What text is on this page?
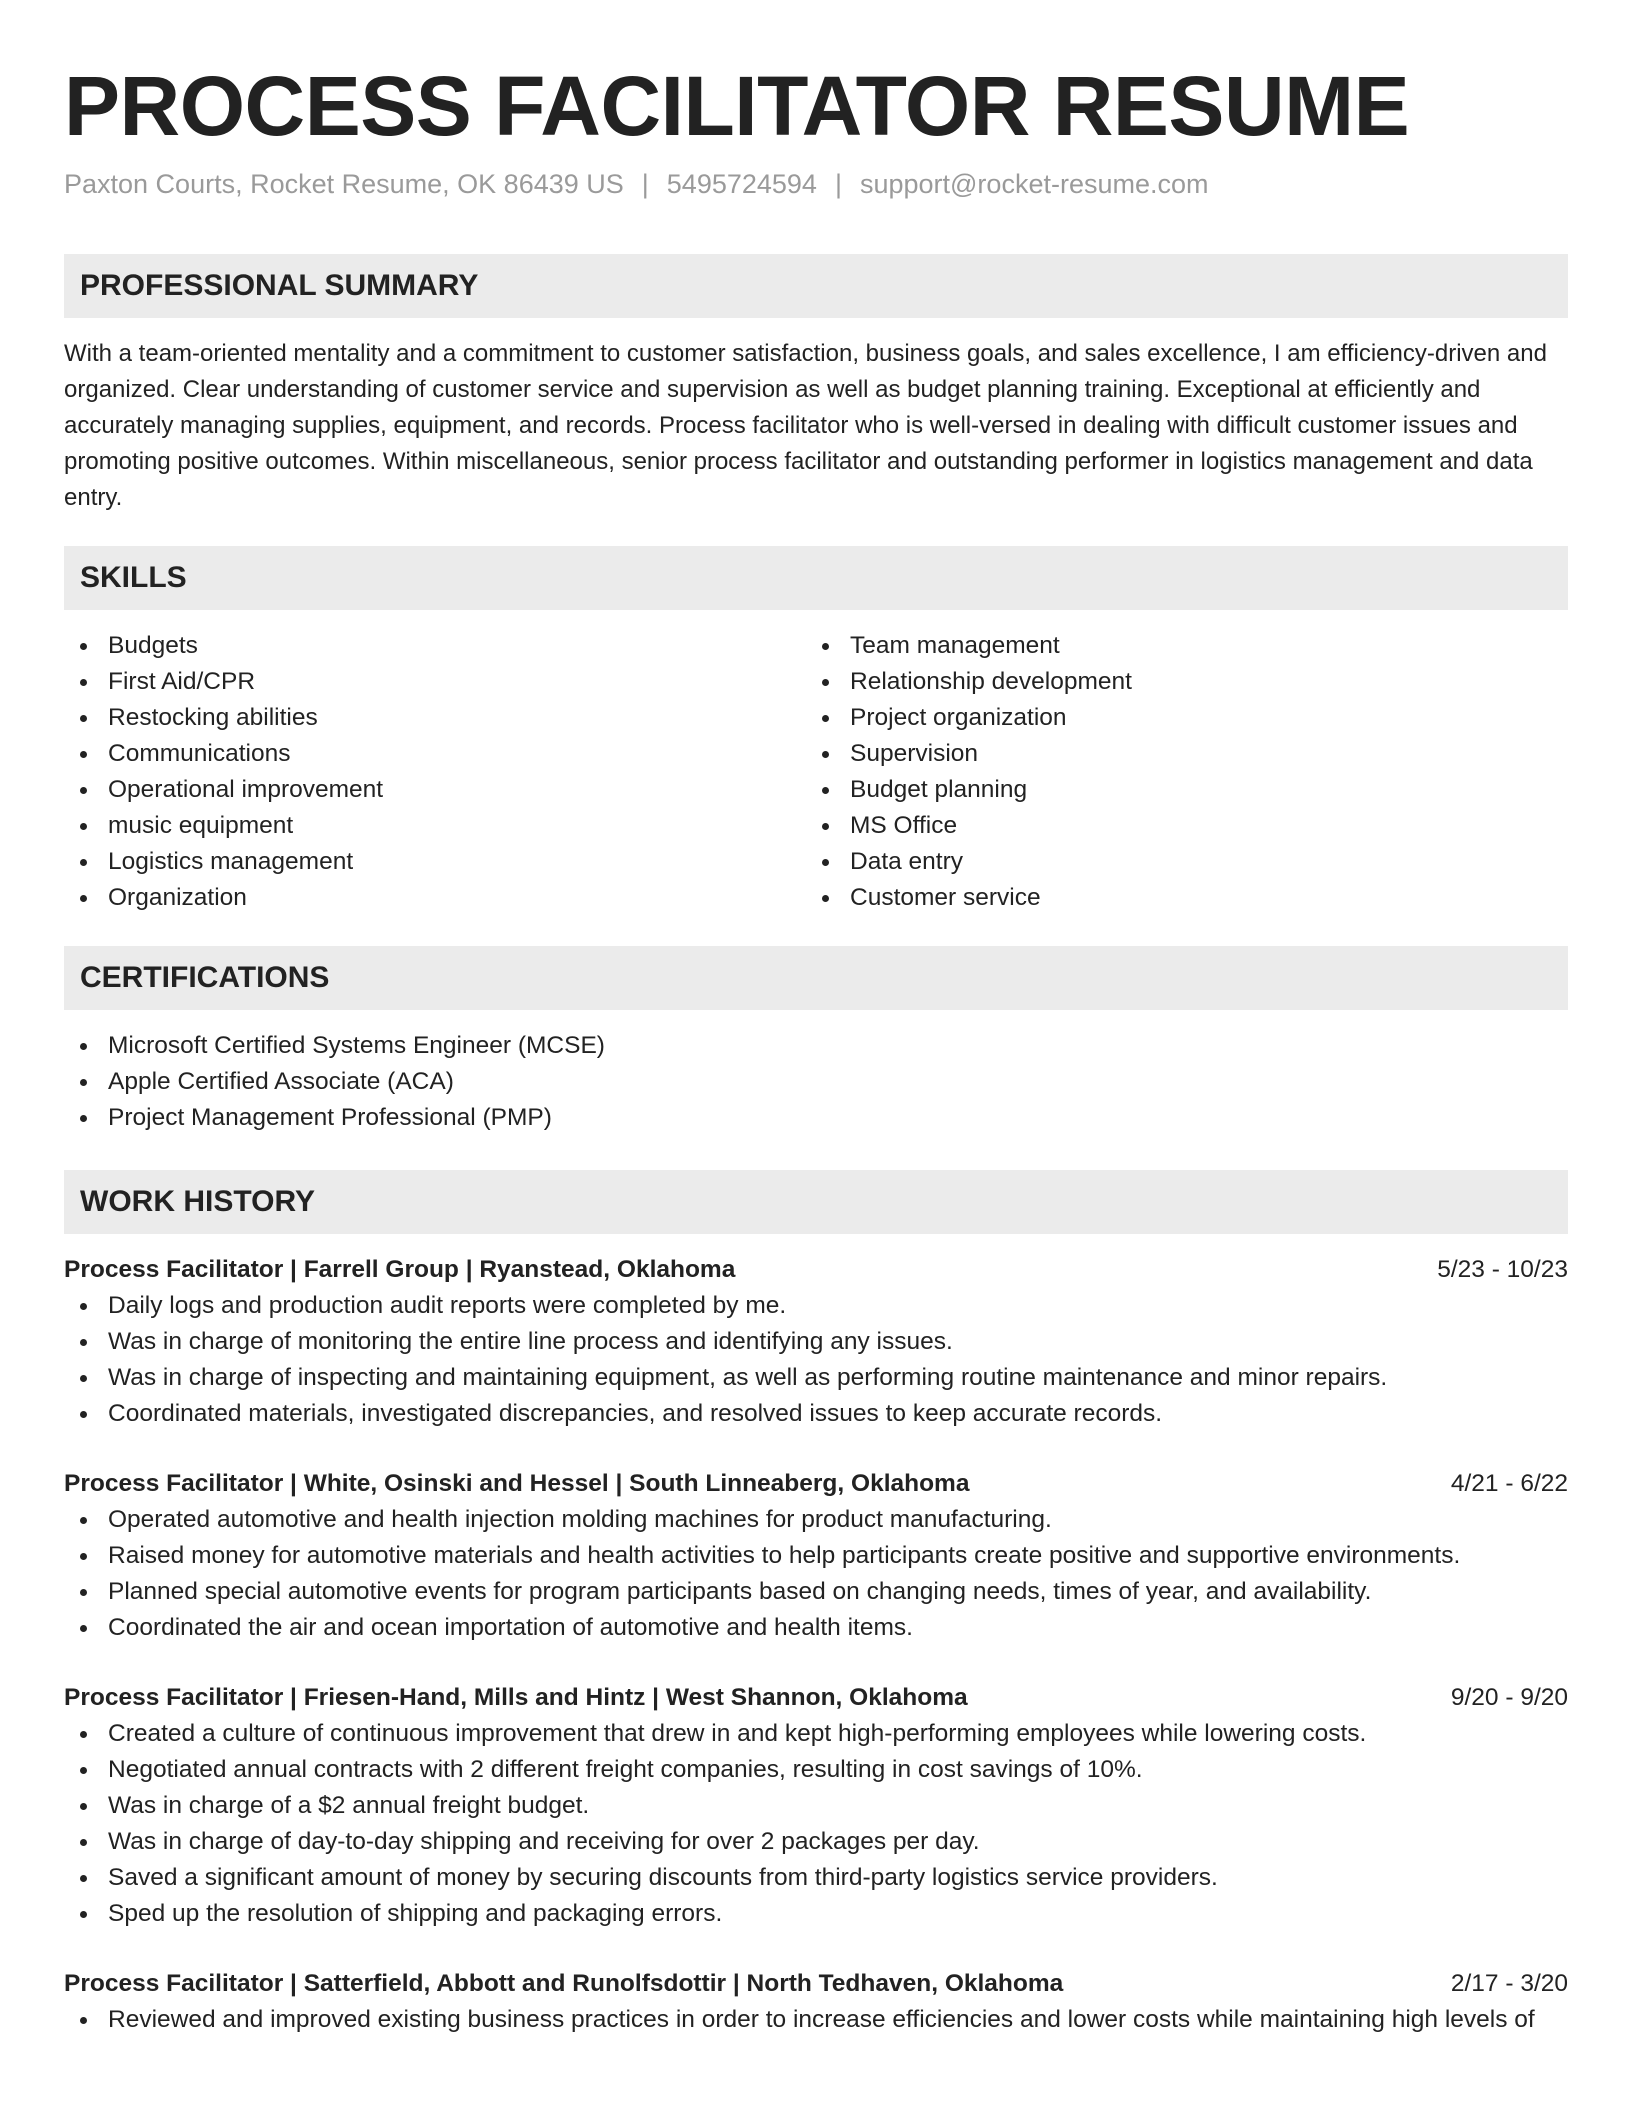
PROCESS FACILITATOR RESUME
Paxton Courts, Rocket Resume, OK 86439 US | 5495724594 | support@rocket-resume.com
PROFESSIONAL SUMMARY

With a team-oriented mentality and a commitment to customer satisfaction, business goals, and sales excellence, I am efficiency-driven and organized. Clear understanding of customer service and supervision as well as budget planning training. Exceptional at efficiently and accurately managing supplies, equipment, and records. Process facilitator who is well-versed in dealing with difficult customer issues and promoting positive outcomes. Within miscellaneous, senior process facilitator and outstanding performer in logistics management and data entry.

SKILLS
Budgets
First Aid/CPR
Restocking abilities
Communications
Operational improvement
music equipment
Logistics management
Organization
Team management
Relationship development
Project organization
Supervision
Budget planning
MS Office
Data entry
Customer service
CERTIFICATIONS
Microsoft Certified Systems Engineer (MCSE)
Apple Certified Associate (ACA)
Project Management Professional (PMP)
WORK HISTORY
Process Facilitator | Farrell Group | Ryanstead, Oklahoma	5/23 - 10/23
Daily logs and production audit reports were completed by me.
Was in charge of monitoring the entire line process and identifying any issues.
Was in charge of inspecting and maintaining equipment, as well as performing routine maintenance and minor repairs.
Coordinated materials, investigated discrepancies, and resolved issues to keep accurate records.
Process Facilitator | White, Osinski and Hessel | South Linneaberg, Oklahoma	4/21 - 6/22
Operated automotive and health injection molding machines for product manufacturing.
Raised money for automotive materials and health activities to help participants create positive and supportive environments.
Planned special automotive events for program participants based on changing needs, times of year, and availability.
Coordinated the air and ocean importation of automotive and health items.
Process Facilitator | Friesen-Hand, Mills and Hintz | West Shannon, Oklahoma	9/20 - 9/20
Created a culture of continuous improvement that drew in and kept high-performing employees while lowering costs.
Negotiated annual contracts with 2 different freight companies, resulting in cost savings of 10%.
Was in charge of a $2 annual freight budget.
Was in charge of day-to-day shipping and receiving for over 2 packages per day.
Saved a significant amount of money by securing discounts from third-party logistics service providers.
Sped up the resolution of shipping and packaging errors.
Process Facilitator | Satterfield, Abbott and Runolfsdottir | North Tedhaven, Oklahoma	2/17 - 3/20
Reviewed and improved existing business practices in order to increase efficiencies and lower costs while maintaining high levels of
